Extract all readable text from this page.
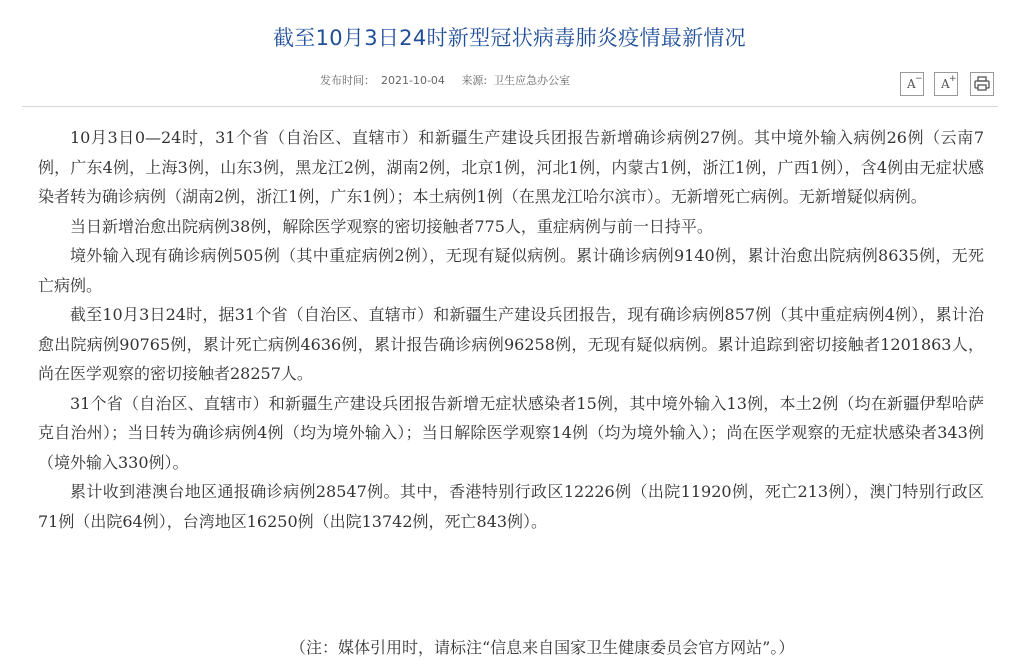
截至10月3日24时新型冠状病毒肺炎疫情最新情况
发布时间： 2021-10-04 来源: 卫生应急办公室	A − A +

10月3日0—24时，31个省（自治区、直辖市）和新疆生产建设兵团报告新增确诊病例27例。其中境外输入病例26例（云南7例，广东4例，上海3例，山东3例，黑龙江2例，湖南2例，北京1例，河北1例，内蒙古1例，浙江1例，广西1例），含4例由无症状感染者转为确诊病例（湖南2例，浙江1例，广东1例）；本土病例1例（在黑龙江哈尔滨市）。无新增死亡病例。无新增疑似病例。

当日新增治愈出院病例38例，解除医学观察的密切接触者775人，重症病例与前一日持平。

境外输入现有确诊病例505例（其中重症病例2例），无现有疑似病例。累计确诊病例9140例，累计治愈出院病例8635例，无死亡病例。

截至10月3日24时，据31个省（自治区、直辖市）和新疆生产建设兵团报告，现有确诊病例857例（其中重症病例4例），累计治愈出院病例90765例，累计死亡病例4636例，累计报告确诊病例96258例，无现有疑似病例。累计追踪到密切接触者1201863人，尚在医学观察的密切接触者28257人。

31个省（自治区、直辖市）和新疆生产建设兵团报告新增无症状感染者15例，其中境外输入13例，本土2例（均在新疆伊犁哈萨克自治州）；当日转为确诊病例4例（均为境外输入）；当日解除医学观察14例（均为境外输入）；尚在医学观察的无症状感染者343例（境外输入330例）。

累计收到港澳台地区通报确诊病例28547例。其中，香港特别行政区12226例（出院11920例，死亡213例），澳门特别行政区71例（出院64例），台湾地区16250例（出院13742例，死亡843例）。

（注：媒体引用时，请标注“信息来自国家卫生健康委员会官方网站”。）
